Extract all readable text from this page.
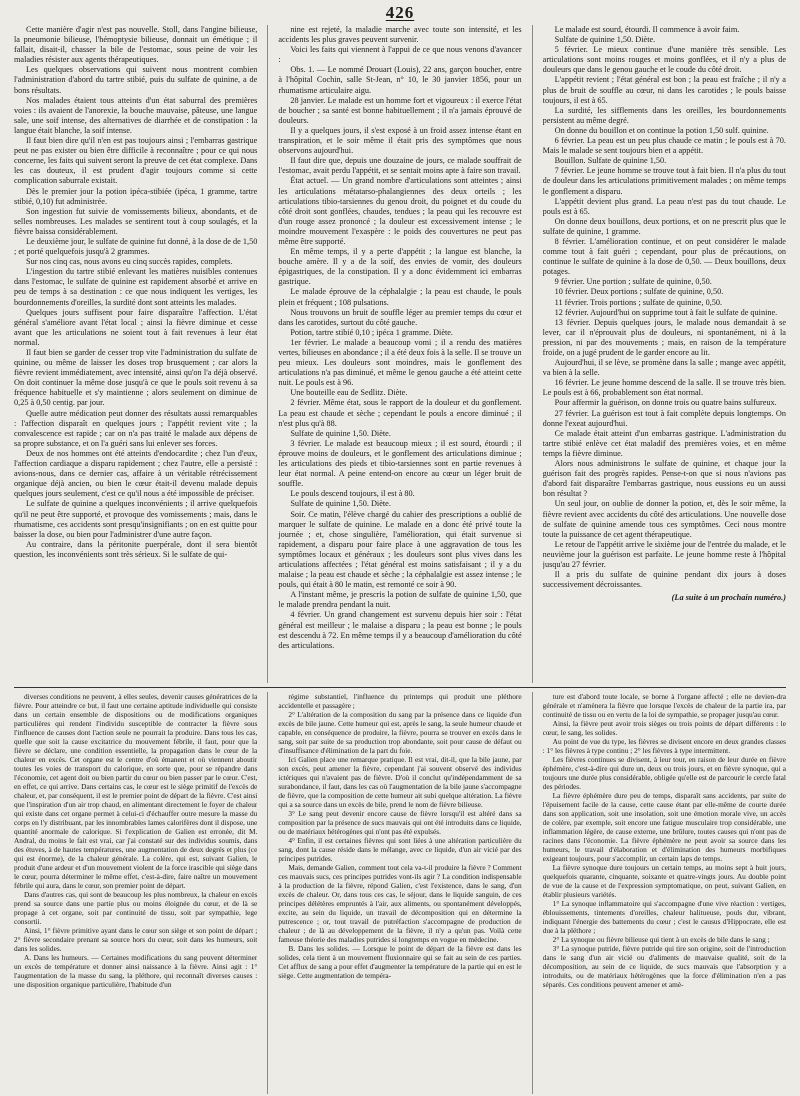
426

Cette manière d'agir n'est pas nouvelle. Stoll, dans l'angine bilieuse, la pneumonie bilieuse, l'hémoptysie bilieuse, donnait un émétique ; il fallait, disait-il, chasser la bile de l'estomac, sous peine de voir les maladies résister aux agents thérapeutiques.

Les quelques observations qui suivent nous montrent combien l'administration d'abord du tartre stibié, puis du sulfate de quinine, a de bons résultats.

Nos malades étaient tous atteints d'un état saburral des premières voies : ils avaient de l'anorexie, la bouche mauvaise, pâteuse, une langue sale, une soif intense, des alternatives de diarrhée et de constipation : la langue était blanche, la soif intense.

Il faut bien dire qu'il n'en est pas toujours ainsi ; l'embarras gastrique peut ne pas exister ou bien être difficile à reconnaître ; pour ce qui nous concerne, les faits qui suivent seront la preuve de cet état complexe. Dans les cas douteux, il est prudent d'agir toujours comme si cette complication saburrale existait.

Dès le premier jour la potion ipéca-stibiée (ipéca, 1 gramme, tartre stibié, 0,10) fut administrée.

Son ingestion fut suivie de vomissements bilieux, abondants, et de selles nombreuses. Les malades se sentirent tout à coup soulagés, et la fièvre baissa considérablement.

Le deuxième jour, le sulfate de quinine fut donné, à la dose de de 1,50 ; et porté quelquefois jusqu'à 2 grammes.

Sur nos cinq cas, nous avons eu cinq succès rapides, complets.

L'ingestion du tartre stibié enlevant les matières nuisibles contenues dans l'estomac, le sulfate de quinine est rapidement absorbé et arrive en peu de temps à sa destination : ce que nous indiquent les vertiges, les bourdonnements d'oreilles, la surdité dont sont atteints les malades.

Quelques jours suffisent pour faire disparaître l'affection. L'état général s'améliore avant l'état local ; ainsi la fièvre diminue et cesse avant que les articulations ne soient tout à fait revenues à leur état normal.

Il faut bien se garder de cesser trop vite l'administration du sulfate de quinine, ou même de laisser les doses trop brusquement ; car alors la fièvre revient immédiatement, avec intensité, ainsi qu'on l'a déjà observé. On doit continuer la même dose jusqu'à ce que le pouls soit revenu à sa fréquence habituelle et s'y maintienne ; alors seulement on diminue de 0,25 à 0,50 centig. par jour.

Quelle autre médication peut donner des résultats aussi remarquables : l'affection disparaît en quelques jours ; l'appétit revient vite ; la convalescence est rapide ; car on n'a pas traité le malade aux dépens de sa propre substance, et on l'a guéri sans lui enlever ses forces.

Deux de nos hommes ont été atteints d'endocardite ; chez l'un d'eux, l'affection cardiaque a disparu rapidement ; chez l'autre, elle a persisté : avions-nous, dans ce dernier cas, affaire à un véritable rétrécissement organique déjà ancien, ou bien le cœur était-il devenu malade depuis quelques jours seulement, c'est ce qu'il nous a été impossible de préciser.

Le sulfate de quinine a quelques inconvénients ; il arrive quelquefois qu'il ne peut être supporté, et provoque des vomissements ; mais, dans le rhumatisme, ces accidents sont presqu'insignifiants ; on en est quitte pour baisser la dose, ou bien pour l'administrer d'une autre façon.

Au contraire, dans la péritonite puerpérale, dont il sera bientôt question, les inconvénients sont très sérieux. Si le sulfate de qui-

nine est rejeté, la maladie marche avec toute son intensité, et les accidents les plus graves peuvent survenir.

Voici les faits qui viennent à l'appui de ce que nous venons d'avancer :

Obs. 1. — Le nommé Drouart (Louis), 22 ans, garçon boucher, entre à l'hôpital Cochin, salle St-Jean, n° 10, le 30 janvier 1856, pour un rhumatisme articulaire aigu.

28 janvier. Le malade est un homme fort et vigoureux : il exerce l'état de boucher ; sa santé est bonne habituellement ; il n'a jamais éprouvé de douleurs.

Il y a quelques jours, il s'est exposé à un froid assez intense étant en transpiration, et le soir même il était pris des symptômes que nous observons aujourd'hui.

Il faut dire que, depuis une douzaine de jours, ce malade souffrait de l'estomac, avait perdu l'appétit, et se sentait moins apte à faire son travail.

État actuel. — Un grand nombre d'articulations sont atteintes ; ainsi les articulations métatarso-phalangiennes des deux orteils ; les articulations tibio-tarsiennes du genou droit, du poignet et du coude du côté droit sont gonflées, chaudes, tendues ; la peau qui les recouvre est d'un rouge assez prononcé ; la douleur est excessivement intense ; le moindre mouvement l'exaspère : le poids des couvertures ne peut pas même être supporté.

En même temps, il y a perte d'appétit ; la langue est blanche, la bouche amère. Il y a de la soif, des envies de vomir, des douleurs épigastriques, de la constipation. Il y a donc évidemment ici embarras gastrique.

Le malade éprouve de la céphalalgie ; la peau est chaude, le pouls plein et fréquent ; 108 pulsations.

Nous trouvons un bruit de souffle léger au premier temps du cœur et dans les carotides, surtout du côté gauche.

Potion, tartre stibié 0,10 ; ipéca 1 gramme. Diète.

1er février. Le malade a beaucoup vomi ; il a rendu des matières vertes, bilieuses en abondance ; il a été deux fois à la selle. Il se trouve un peu mieux. Les douleurs sont moindres, mais le gonflement des articulations n'a pas diminué, et même le genou gauche a été atteint cette nuit. Le pouls est à 96.

Une bouteille eau de Sedlitz. Diète.

2 février. Même état, sous le rapport de la douleur et du gonflement. La peau est chaude et sèche ; cependant le pouls a encore diminué ; il n'est plus qu'à 88.

Sulfate de quinine 1,50. Diète.

3 février. Le malade est beaucoup mieux ; il est sourd, étourdi ; il éprouve moins de douleurs, et le gonflement des articulations diminue ; les articulations des pieds et tibio-tarsiennes sont en partie revenues à leur état normal. A peine entend-on encore au cœur un léger bruit de souffle.

Le pouls descend toujours, il est à 80.

Sulfate de quinine 1,50. Diète.

Soir. Ce matin, l'élève chargé du cahier des prescriptions a oublié de marquer le sulfate de quinine. Le malade en a donc été privé toute la journée ; et, chose singulière, l'amélioration, qui était survenue si rapidement, a disparu pour faire place à une aggravation de tous les symptômes locaux et généraux ; les douleurs sont plus vives dans les articulations affectées ; l'état général est moins satisfaisant ; il y a du malaise ; la peau est chaude et sèche ; la céphalalgie est assez intense ; le pouls, qui était à 80 le matin, est remonté ce soir à 90.

A l'instant même, je prescris la potion de sulfate de quinine 1,50, que le malade prendra pendant la nuit.

4 février. Un grand changement est survenu depuis hier soir : l'état général est meilleur ; le malaise a disparu ; la peau est bonne ; le pouls est descendu à 72. En même temps il y a beaucoup d'amélioration du côté des articulations.

Le malade est sourd, étourdi. Il commence à avoir faim.

Sulfate de quinine 1,50. Diète.

5 février. Le mieux continue d'une manière très sensible. Les articulations sont moins rouges et moins gonflées, et il n'y a plus de douleurs que dans le genou gauche et le coude du côté droit.

L'appétit revient ; l'état général est bon ; la peau est fraîche ; il n'y a plus de bruit de souffle au cœur, ni dans les carotides ; le pouls baisse toujours, il est à 65.

La surdité, les sifflements dans les oreilles, les bourdonnements persistent au même degré.

On donne du bouillon et on continue la potion 1,50 sulf. quinine.

6 février. La peau est un peu plus chaude ce matin ; le pouls est à 70. Mais le malade se sent toujours bien et a appétit.

Bouillon. Sulfate de quinine 1,50.

7 février. Le jeune homme se trouve tout à fait bien. Il n'a plus du tout de douleur dans les articulations primitivement malades ; on même temps le gonflement a disparu.

L'appétit devient plus grand. La peau n'est pas du tout chaude. Le pouls est à 65.

On donne deux bouillons, deux portions, et on ne prescrit plus que le sulfate de quinine, 1 gramme.

8 février. L'amélioration continue, et on peut considérer le malade comme tout à fait guéri ; cependant, pour plus de précautions, on continue le sulfate de quinine à la dose de 0,50. — Deux bouillons, deux potages.

9 février. Une portion ; sulfate de quinine, 0,50.

10 février. Deux portions ; sulfate de quinine, 0,50.

11 février. Trois portions ; sulfate de quinine, 0,50.

12 février. Aujourd'hui on supprime tout à fait le sulfate de quinine.

13 février. Depuis quelques jours, le malade nous demandait à se lever, car il n'éprouvait plus de douleurs, ni spontanément, ni à la pression, ni par des mouvements ; mais, en raison de la température froide, on a jugé prudent de le garder encore au lit.

Aujourd'hui, il se lève, se promène dans la salle ; mange avec appétit, va bien à la selle.

16 février. Le jeune homme descend de la salle. Il se trouve très bien. Le pouls est à 66, probablement son état normal.

Pour affermir la guérison, on donne trois ou quatre bains sulfureux.

27 février. La guérison est tout à fait complète depuis longtemps. On donne l'exeat aujourd'hui.

Ce malade était atteint d'un embarras gastrique. L'administration du tartre stibié enlève cet état maladif des premières voies, et en même temps la fièvre diminue.

Alors nous administrons le sulfate de quinine, et chaque jour la guérison fait des progrès rapides. Pense-t-on que si nous n'avions pas d'abord fait disparaître l'embarras gastrique, nous eussions eu un aussi bon résultat ?

Un seul jour, on oublie de donner la potion, et, dès le soir même, la fièvre revient avec accidents du côté des articulations. Une nouvelle dose de sulfate de quinine amende tous ces symptômes. Ceci nous montre toute la puissance de cet agent thérapeutique.

Le retour de l'appétit arrive le sixième jour de l'entrée du malade, et le neuvième jour la guérison est parfaite. Le jeune homme reste à l'hôpital jusqu'au 27 février.

Il a pris du sulfate de quinine pendant dix jours à doses successivement décroissantes.

(La suite à un prochain numéro.)

diverses conditions ne peuvent, à elles seules, devenir causes génératrices de la fièvre. Pour atteindre ce but, il faut une certaine aptitude individuelle qui consiste dans un certain ensemble de dispositions ou de modifications organiques particulières qui rendent l'individu susceptible de contracter la fièvre sous l'influence de causes dont l'action seule ne pourrait la produire. Dans tous les cas, quelle que soit la cause excitatrice du mouvement fébrile, il faut, pour que la fièvre se déclare, une condition essentielle, la propagation dans le cœur de la chaleur en excès. Cet organe est le centre d'où émanent et où viennent aboutir toutes les voies de transport du calorique, en sorte que, pour se répandre dans l'économie, cet agent doit ou bien partir du cœur ou bien passer par le cœur. C'est, en effet, ce qui arrive. Dans certains cas, le cœur est le siège primitif de l'excès de chaleur, et, par conséquent, il est le premier point de départ de la fièvre. C'est ainsi que l'inspiration d'un air trop chaud, en alimentant directement le foyer de chaleur qui existe dans cet organe permet à celui-ci d'échauffer outre mesure la masse du corps en l'y distribuant, par les innombrables lames calorifères dont il dispose, une quantité anormale de calorique. Si l'explication de Galien est erronée, dit M. Andral, du moins le fait est vrai, car j'ai constaté sur des individus soumis, dans des étuves, à de hautes températures, une augmentation de deux degrés et plus (ce qui est énorme), de la chaleur générale. La colère, qui est, suivant Galien, le produit d'une ardeur et d'un mouvement violent de la force irascible qui siège dans le cœur, pourra déterminer le même effet, c'est-à-dire, faire naître un mouvement fébrile qui aura, dans le cœur, son premier point de départ.

Dans d'autres cas, qui sont de beaucoup les plus nombreux, la chaleur en excès prend sa source dans une partie plus ou moins éloignée du cœur, et de là se propage à cet organe, soit par continuité de tissu, soit par sympathie, lege consortii.

Ainsi, 1° fièvre primitive ayant dans le cœur son siège et son point de départ ; 2° fièvre secondaire prenant sa source hors du cœur, soit dans les humeurs, soit dans les solides.

A. Dans les humeurs. — Certaines modifications du sang peuvent déterminer un excès de température et donner ainsi naissance à la fièvre. Ainsi agit : 1° l'augmentation de la masse du sang, la pléthore, qui reconnaît diverses causes : une disposition organique particulière, l'habitude d'un

régime substantiel, l'influence du printemps qui produit une pléthore accidentelle et passagère ;

2° L'altération de la composition du sang par la présence dans ce liquide d'un excès de bile jaune. Cette humeur qui est, après le sang, la seule humeur chaude et capable, en conséquence de produire, la fièvre, pourra se trouver en excès dans le sang, soit par suite de sa production trop abondante, soit pour cause de défaut ou d'insuffisance d'élimination de la part du foie.

Ici Galien place une remarque pratique. Il est vrai, dit-il, que la bile jaune, par son excès, peut amener la fièvre, cependant j'ai souvent observé des individus ictériques qui n'avaient pas de fièvre. D'où il conclut qu'indépendamment de sa surabondance, il faut, dans les cas où l'augmentation de la bile jaune s'accompagne de fièvre, que la composition de cette humeur ait subi quelque altération. La fièvre qui a sa source dans un excès de bile, prend le nom de fièvre bilieuse.

3° Le sang peut devenir encore cause de fièvre lorsqu'il est altéré dans sa composition par la présence de sucs mauvais qui ont été introduits dans ce liquide, ou de matériaux hétérogènes qui n'ont pas été expulsés.

4° Enfin, il est certaines fièvres qui sont liées à une altération particulière du sang, dont la cause réside dans le mélange, avec ce liquide, d'un air vicié par des principes putrides.

Mais, demande Galien, comment tout cela va-t-il produire la fièvre ? Comment ces mauvais sucs, ces principes putrides vont-ils agir ? La condition indispensable à la production de la fièvre, répond Galien, c'est l'existence, dans le sang, d'un excès de chaleur. Or, dans tous ces cas, le séjour, dans le liquide sanguin, de ces principes délétères empruntés à l'air, aux aliments, ou spontanément développés, excite, au sein du liquide, un travail de décomposition qui en détermine la putrescence ; or, tout travail de putréfaction s'accompagne de production de chaleur ; de là au développement de la fièvre, il n'y a qu'un pas. Voilà cette fameuse théorie des maladies putrides si longtemps en vogue en médecine.

B. Dans les solides. — Lorsque le point de départ de la fièvre est dans les solides, cela tient à un mouvement fluxionnaire qui se fait au sein de ces parties. Cet afflux de sang a pour effet d'augmenter la température de la partie qui en est le siège. Cette augmentation de tempéra-

ture est d'abord toute locale, se borne à l'organe affecté ; elle ne devien-dra générale et n'amènera la fièvre que lorsque l'excès de chaleur de la partie ira, par continuité de tissu ou en vertu de la loi de sympathie, se propager jusqu'au cœur.

Ainsi, la fièvre peut avoir trois sièges ou trois points de départ différents : le cœur, le sang, les solides.

Au point de vue du type, les fièvres se divisent encore en deux grandes classes : 1° les fièvres à type continu ; 2° les fièvres à type intermittent.

Les fièvres continues se divisent, à leur tour, en raison de leur durée en fièvre éphémère, c'est-à-dire qui dure un, deux ou trois jours, et en fièvre synoque, qui a toujours une durée plus considérable, obligée qu'elle est de parcourir le cercle fatal des périodes.

La fièvre éphémère dure peu de temps, disparaît sans accidents, par suite de l'épuisement facile de la cause, cette cause étant par elle-même de courte durée dans son application, soit une insolation, soit une émotion morale vive, un accès de colère, par exemple, soit encore une fatigue musculaire trop considérable, une inflammation légère, de cause externe, une brûlure, toutes causes qui n'ont pas de racines dans l'économie. La fièvre éphémère ne peut avoir sa source dans les humeurs, le travail d'élaboration et d'élimination des humeurs morbifiques exigeant toujours, pour s'accomplir, un certain laps de temps.

La fièvre synoque dure toujours un certain temps, au moins sept à huit jours, quelquefois quarante, cinquante, soixante et quatre-vingts jours. Au double point de vue de la cause et de l'expression symptomatique, on peut, suivant Galien, en établir plusieurs variétés.

1° La synoque inflammatoire qui s'accompagne d'une vive réaction : vertiges, éblouissements, tintements d'oreilles, chaleur halitueuse, pouls dur, vibrant, indiquant l'énergie des battements du cœur ; c'est le causus d'Hippocrate, elle est due à la pléthore ;

2° La synoque ou fièvre bilieuse qui tient à un excès de bile dans le sang ;

3° La synoque putride, fièvre putride qui tire son origine, soit de l'introduction dans le sang d'un air vicié ou d'aliments de mauvaise qualité, soit de la décomposition, au sein de ce liquide, de sucs mauvais que l'absorption y a introduits, ou de matériaux hétérogènes que la force d'élimination n'en a pas séparés. Ces conditions peuvent amener et amè-
